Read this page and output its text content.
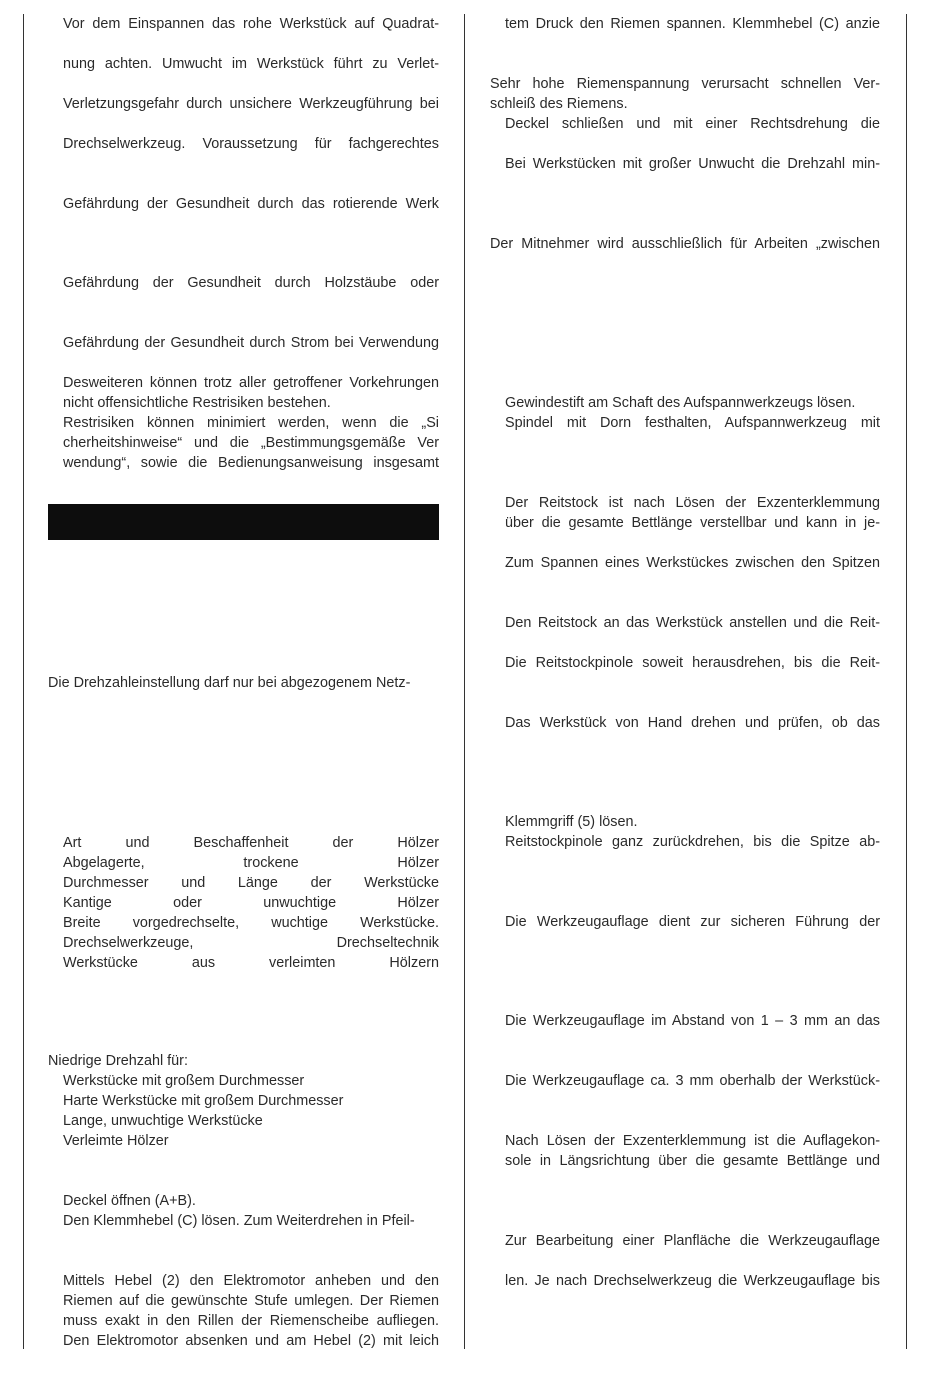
• Vor dem Einspannen das rohe Werkstück auf Quadrat-
nung achten. Umwucht im Werkstück führt zu Verlet-
• Verletzungsgefahr durch unsichere Werkzeugführung bei
Drechselwerkzeug. Voraussetzung für fachgerechtes
• Gefährdung der Gesundheit durch das rotierende Werk
• Gefährdung der Gesundheit durch Holzstäube oder
• Gefährdung der Gesundheit durch Strom bei Verwendung
• Desweiteren können trotz aller getroffener Vorkehrungen
nicht offensichtliche Restrisiken bestehen.
• Restrisiken können minimiert werden, wenn die „Si
cherheitshinweise“ und die „Bestimmungsgemäße Ver
wendung“, sowie die Bedienungsanweisung insgesamt
Die Drehzahleinstellung darf nur bei abgezogenem Netz-
• Art und Beschaffenheit der Hölzer
• Abgelagerte, trockene Hölzer
• Durchmesser und Länge der Werkstücke
• Kantige oder unwuchtige Hölzer
• Breite vorgedrechselte, wuchtige Werkstücke.
• Drechselwerkzeuge, Drechseltechnik
• Werkstücke aus verleimten Hölzern
Niedrige Drehzahl für:
• Werkstücke mit großem Durchmesser
• Harte Werkstücke mit großem Durchmesser
• Lange, unwuchtige Werkstücke
• Verleimte Hölzer
• Deckel öffnen (A+B).
• Den Klemmhebel (C) lösen. Zum Weiterdrehen in Pfeil-
• Mittels Hebel (2) den Elektromotor anheben und den
Riemen auf die gewünschte Stufe umlegen. Der Riemen
muss exakt in den Rillen der Riemenscheibe aufliegen.
• Den Elektromotor absenken und am Hebel (2) mit leich
tem Druck den Riemen spannen. Klemmhebel (C) anzie
Sehr hohe Riemenspannung verursacht schnellen Ver-
schleiß des Riemens.
• Deckel schließen und mit einer Rechtsdrehung die
• Bei Werkstücken mit großer Unwucht die Drehzahl min-
Der Mitnehmer wird ausschließlich für Arbeiten „zwischen
• Gewindestift am Schaft des Aufspannwerkzeugs lösen.
• Spindel mit Dorn festhalten, Aufspannwerkzeug mit
• Der Reitstock ist nach Lösen der Exzenterklemmung
über die gesamte Bettlänge verstellbar und kann in je-
• Zum Spannen eines Werkstückes zwischen den Spitzen
• Den Reitstock an das Werkstück anstellen und die Reit-
• Die Reitstockpinole soweit herausdrehen, bis die Reit-
• Das Werkstück von Hand drehen und prüfen, ob das
• Klemmgriff (5) lösen.
• Reitstockpinole ganz zurückdrehen, bis die Spitze ab-
• Die Werkzeugauflage dient zur sicheren Führung der
• Die Werkzeugauflage im Abstand von 1 – 3 mm an das
• Die Werkzeugauflage ca. 3 mm oberhalb der Werkstück-
• Nach Lösen der Exzenterklemmung ist die Auflagekon-
sole in Längsrichtung über die gesamte Bettlänge und
• Zur Bearbeitung einer Planfläche die Werkzeugauflage
len. Je nach Drechselwerkzeug die Werkzeugauflage bis
